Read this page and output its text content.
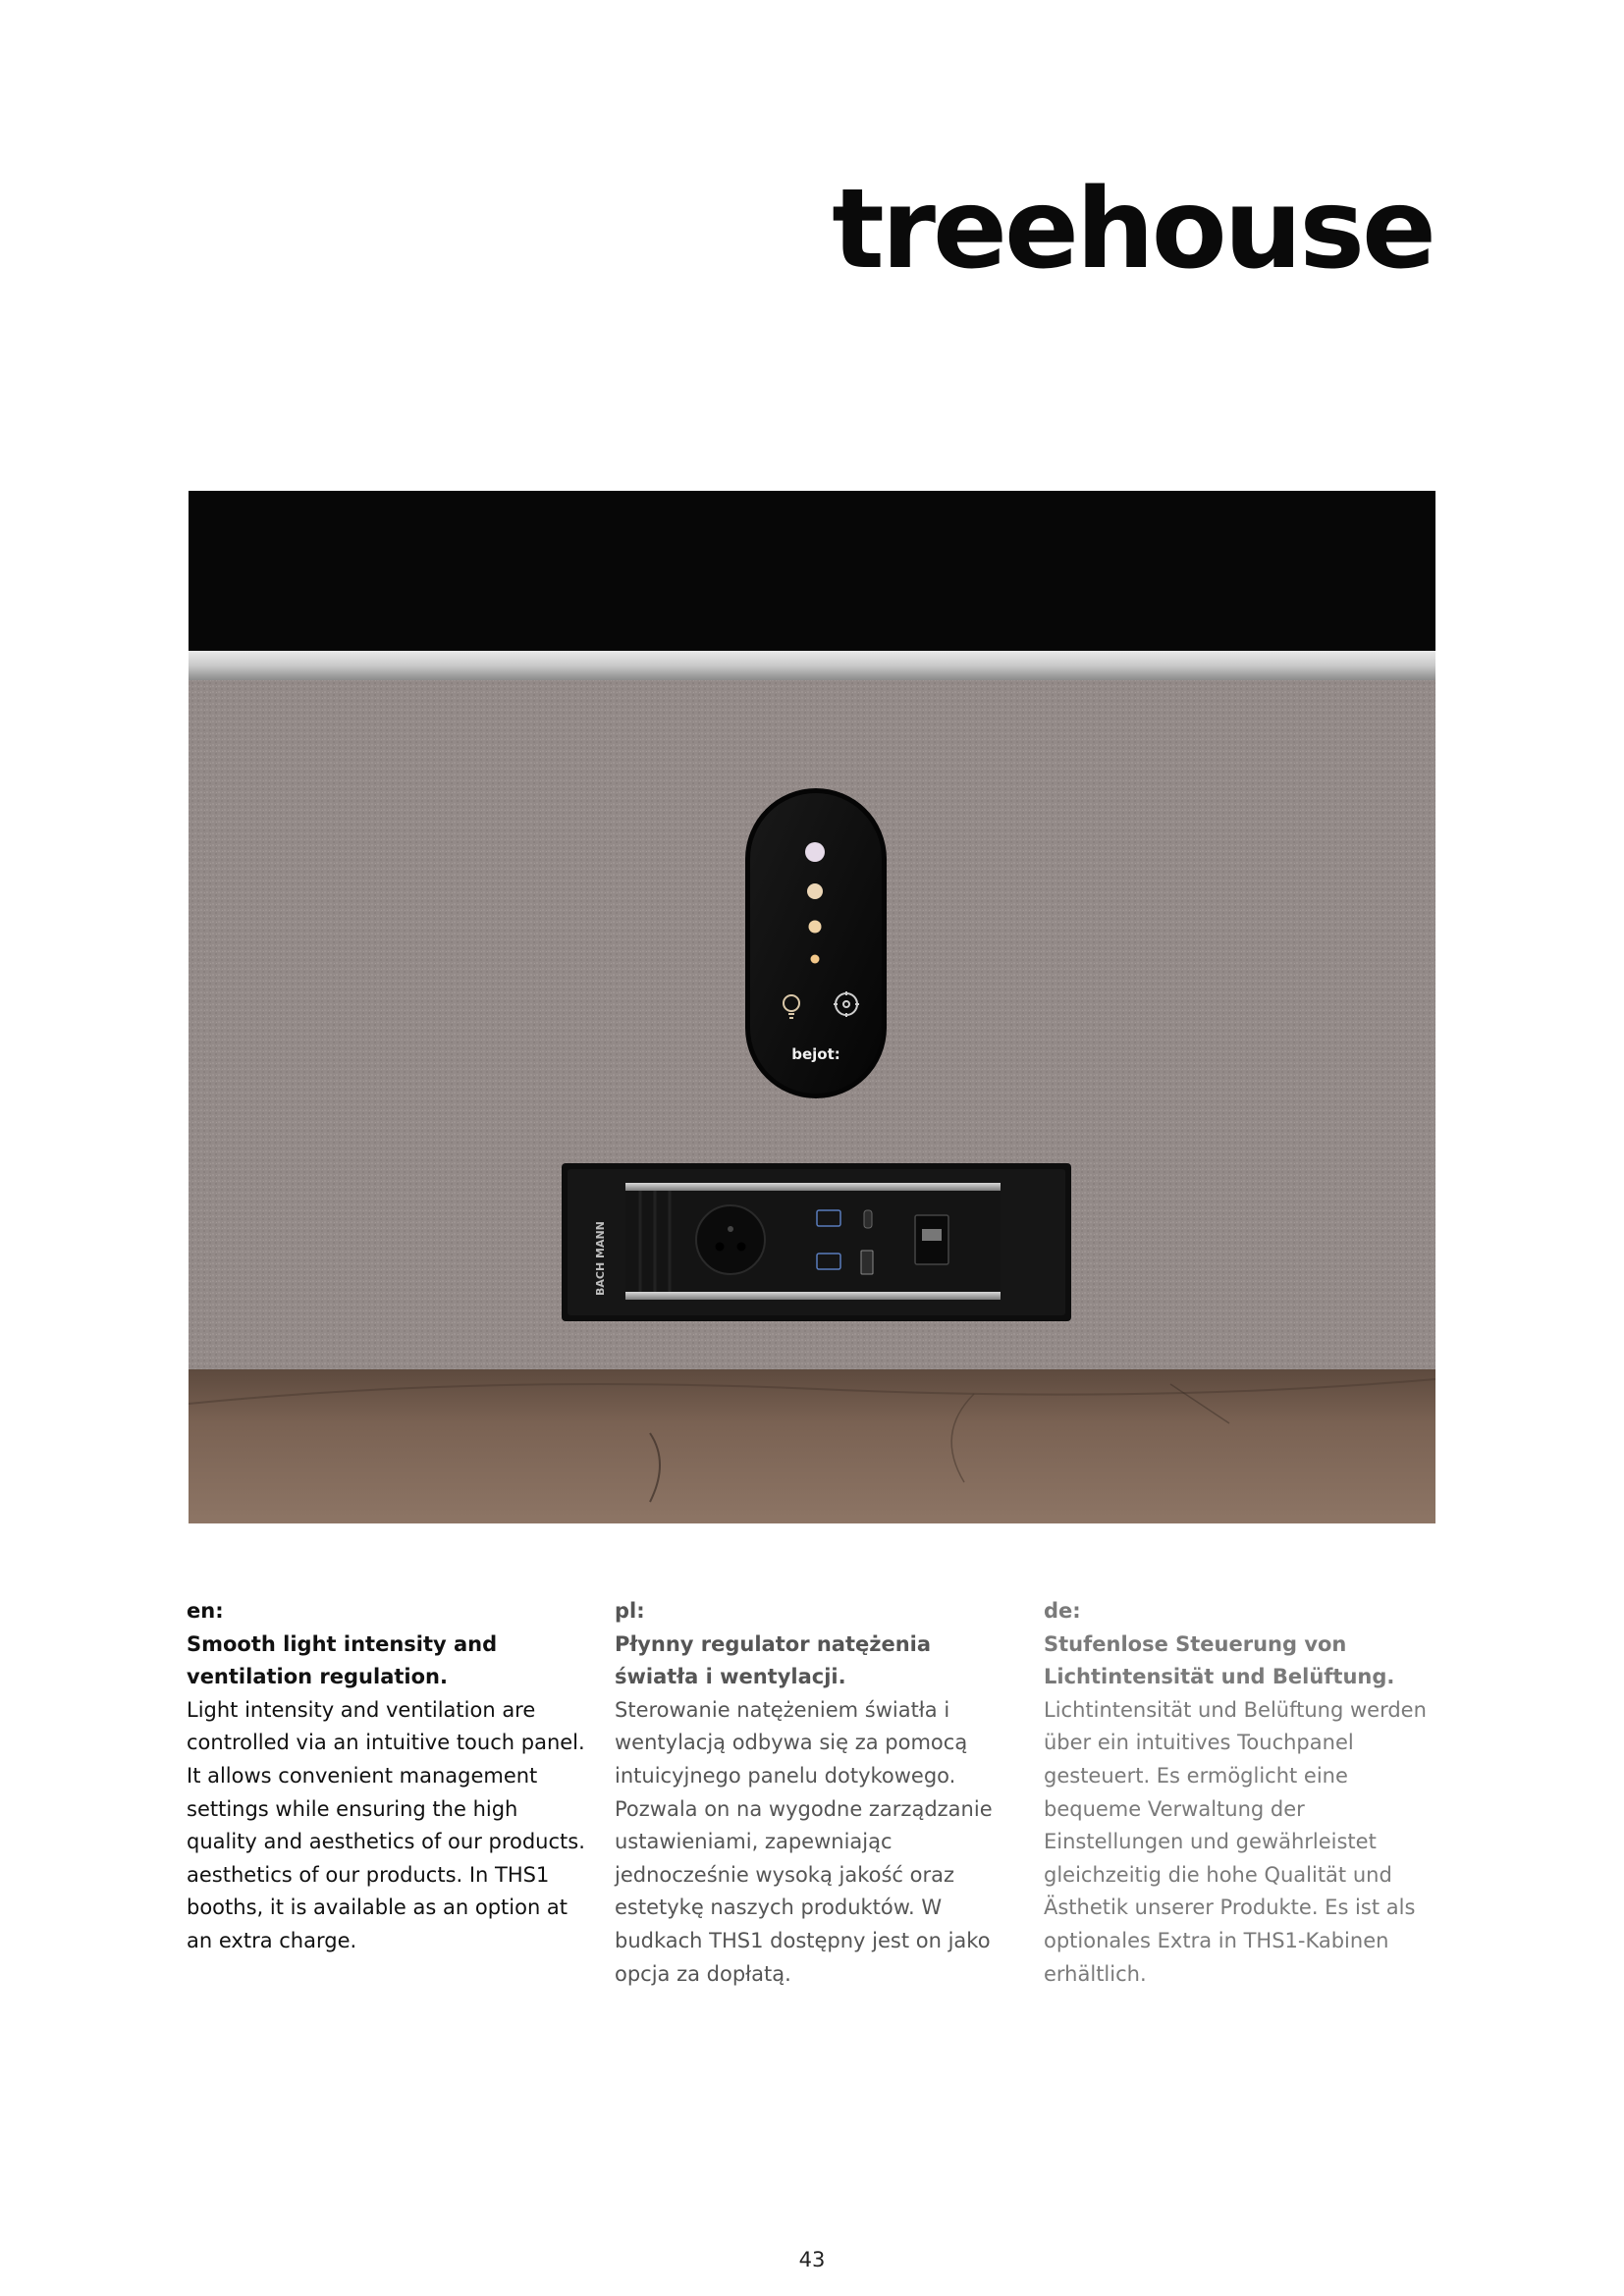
treehouse
bejot:
BACH MANN

en:

Smooth light intensity and ventilation regulation.
Light intensity and ventilation are controlled via an intuitive touch panel. It allows convenient management settings while ensuring the high quality and aesthetics of our products. aesthetics of our products. In THS1 booths, it is available as an option at an extra charge.

pl:

Płynny regulator natężenia światła i wentylacji.
Sterowanie natężeniem światła i wentylacją odbywa się za pomocą intuicyjnego panelu dotykowego. Pozwala on na wygodne zarządzanie ustawieniami, zapewniając jednocześnie wysoką jakość oraz estetykę naszych produktów. W budkach THS1 dostępny jest on jako opcja za dopłatą.

de:

Stufenlose Steuerung von Lichtintensität und Belüftung.
Lichtintensität und Belüftung werden über ein intuitives Touchpanel gesteuert. Es ermöglicht eine bequeme Verwaltung der Einstellungen und gewährleistet gleichzeitig die hohe Qualität und Ästhetik unserer Produkte. Es ist als optionales Extra in THS1-Kabinen erhältlich.
43
